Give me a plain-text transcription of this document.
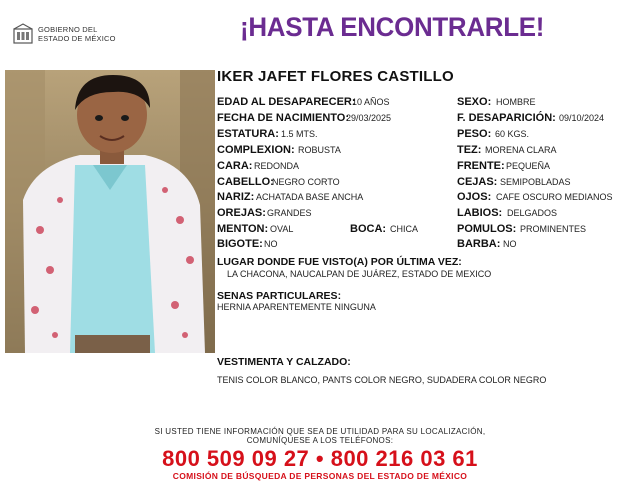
GOBIERNO DEL
ESTADO DE MÉXICO	¡HASTA ENCONTRARLE!
IKER JAFET FLORES CASTILLO
EDAD AL DESAPARECER:
10 AÑOS
FECHA DE NACIMIENTO:
29/03/2025
ESTATURA: 1.5 MTS.
COMPLEXION: ROBUSTA
CARA: REDONDA
CABELLO:
NEGRO CORTO
NARIZ: ACHATADA BASE ANCHA
OREJAS: GRANDES
MENTON: OVAL	BOCA: CHICA
BIGOTE: NO
SEXO: HOMBRE
F. DESAPARICIÓN: 09/10/2024
PESO: 60 KGS.
TEZ: MORENA CLARA
FRENTE: PEQUEÑA
CEJAS: SEMIPOBLADAS
OJOS: CAFE OSCURO MEDIANOS
LABIOS: DELGADOS
POMULOS: PROMINENTES
BARBA: NO
LUGAR DONDE FUE VISTO(A) POR ÚLTIMA VEZ:
LA CHACONA, NAUCALPAN DE JUÁREZ, ESTADO DE MEXICO
SENAS PARTICULARES:
HERNIA APARENTEMENTE NINGUNA
VESTIMENTA Y CALZADO:
TENIS COLOR BLANCO, PANTS COLOR NEGRO, SUDADERA COLOR NEGRO
SI USTED TIENE INFORMACIÓN QUE SEA DE UTILIDAD PARA SU LOCALIZACIÓN,
COMUNÍQUESE A LOS TELÉFONOS:
800 509 09 27 • 800 216 03 61
COMISIÓN DE BÚSQUEDA DE PERSONAS DEL ESTADO DE MÉXICO
